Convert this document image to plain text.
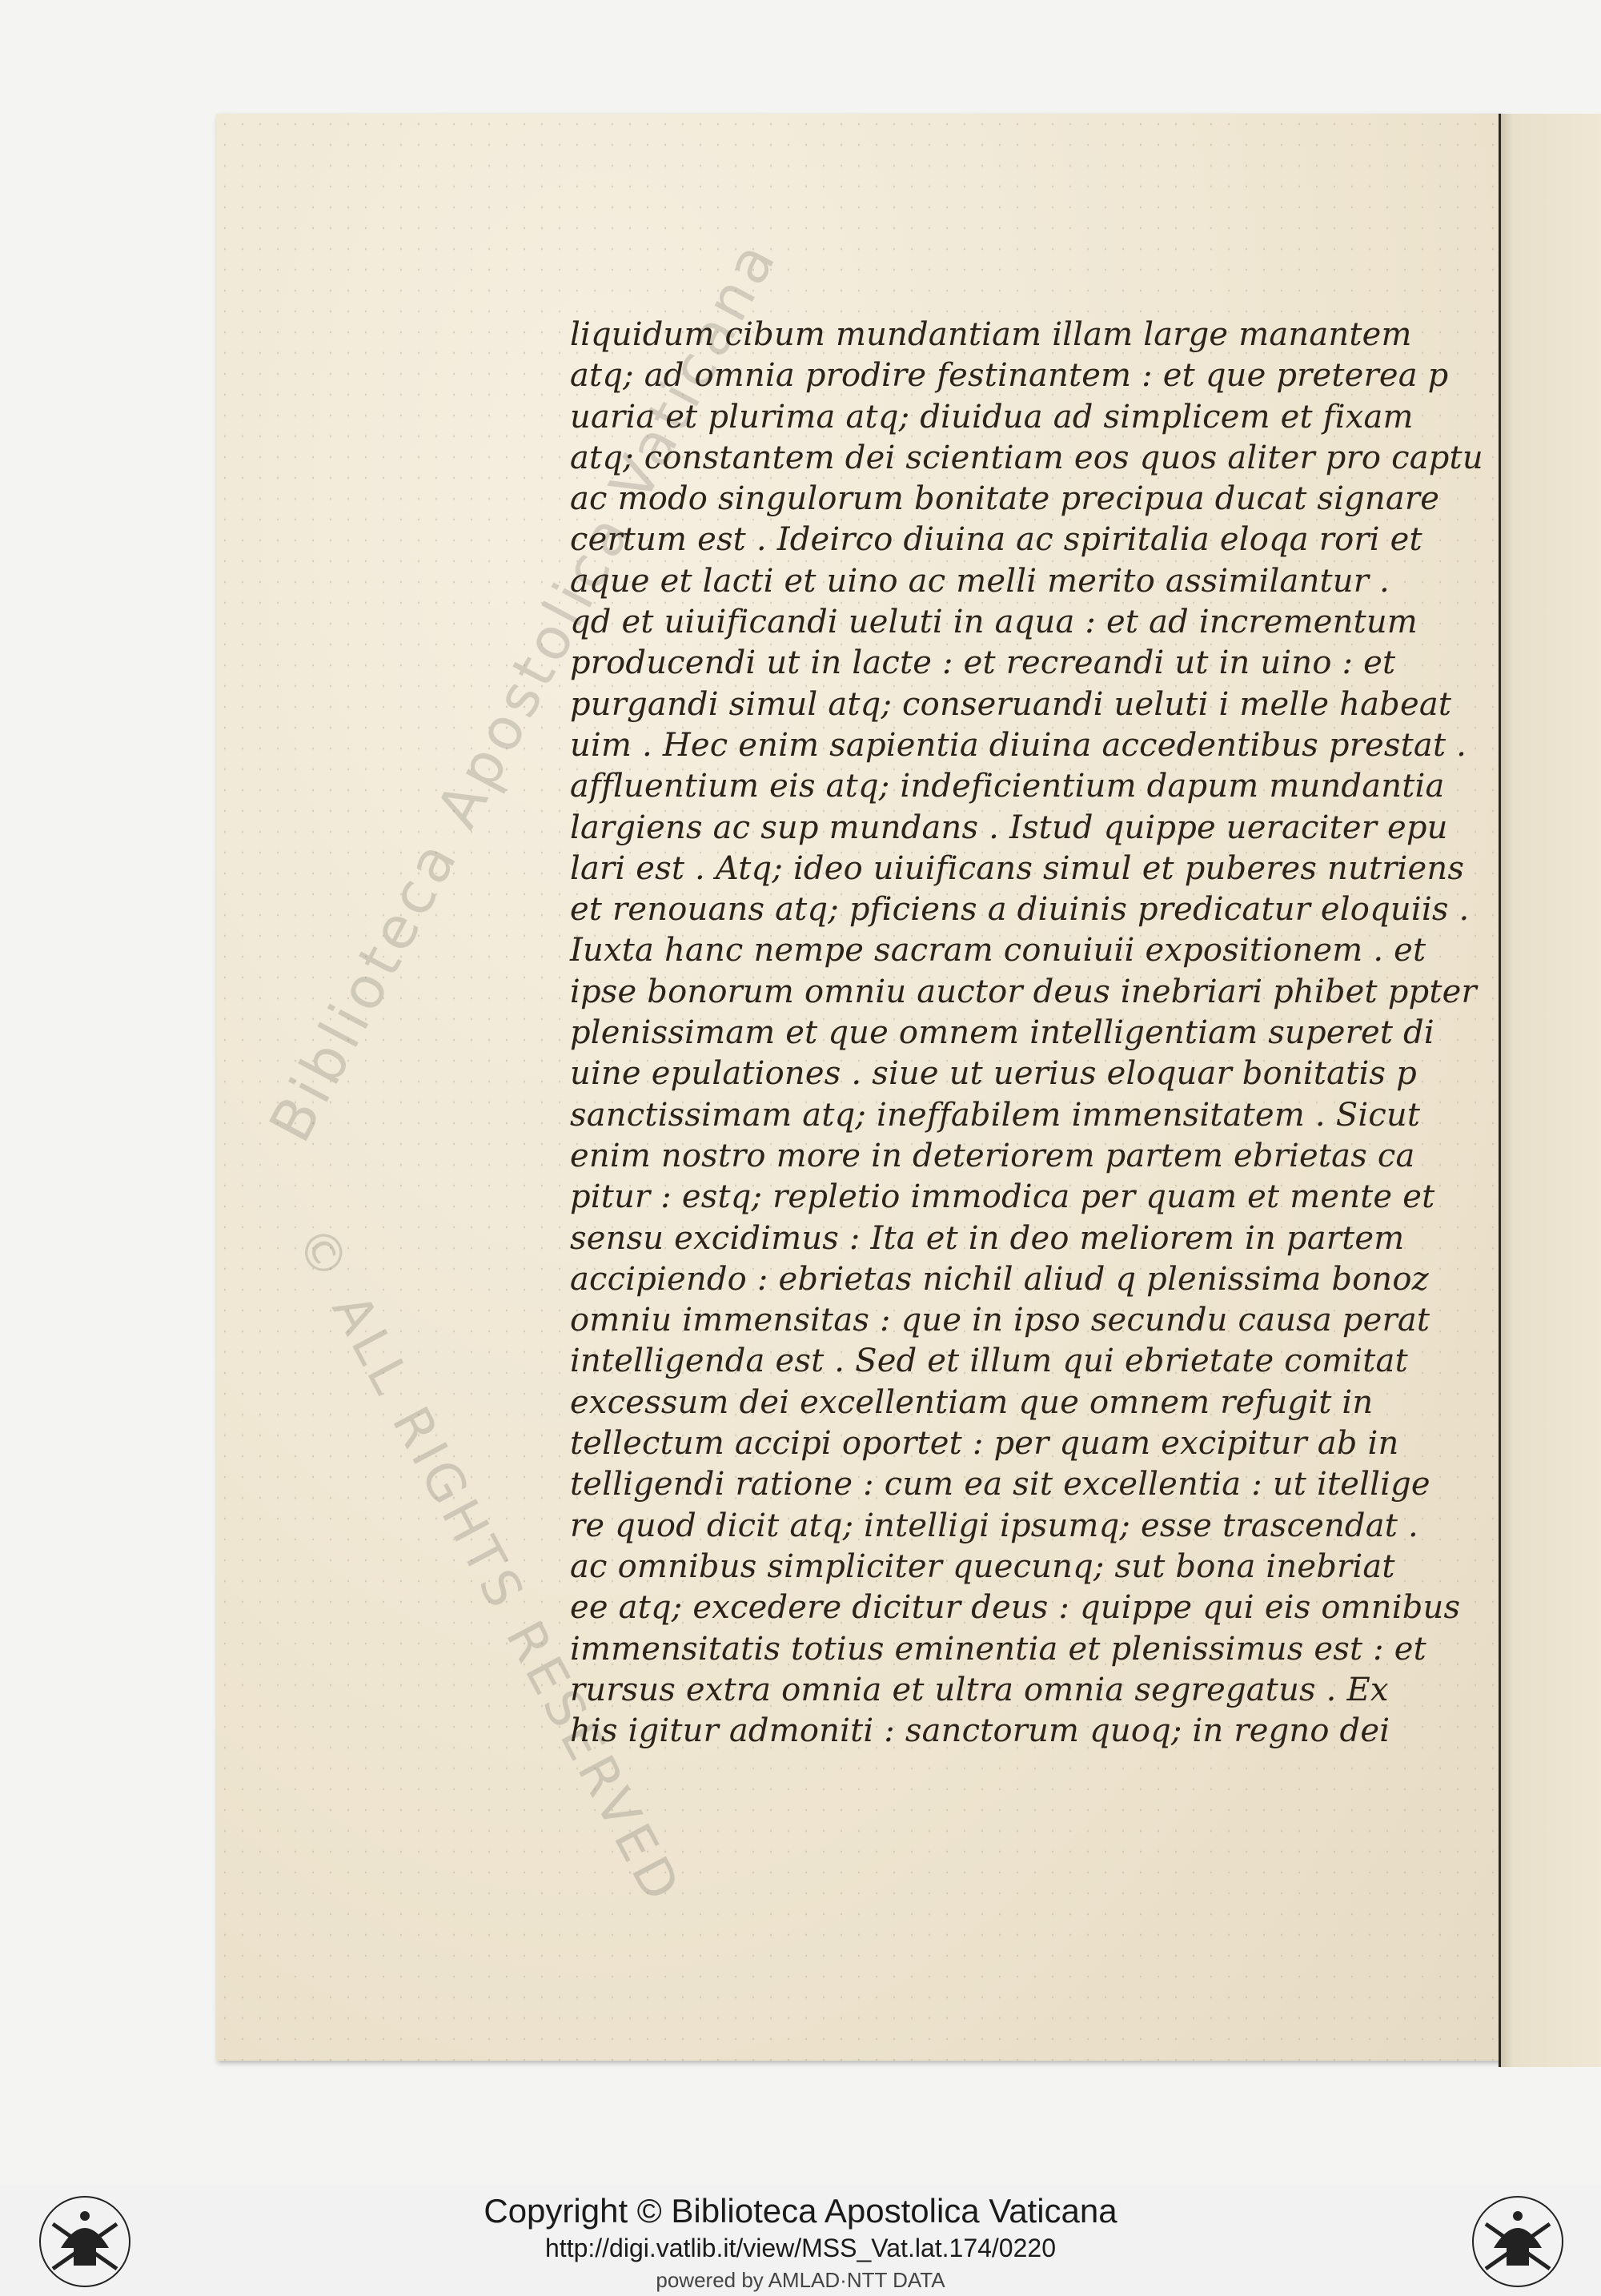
Biblioteca Apostolica Vaticana
© ALL RIGHTS RESERVED
liquidum cibum mundantiam illam large manantem
atq; ad omnia prodire festinantem : et que preterea p
uaria et plurima atq; diuidua ad simplicem et fixam
atq; constantem dei scientiam eos quos aliter pro captu
ac modo singulorum bonitate precipua ducat signare
certum est . Ideirco diuina ac spiritalia eloqa rori et
aque et lacti et uino ac melli merito assimilantur .
qd et uiuificandi ueluti in aqua : et ad incrementum
producendi ut in lacte : et recreandi ut in uino : et
purgandi simul atq; conseruandi ueluti i melle habeat
uim . Hec enim sapientia diuina accedentibus prestat .
affluentium eis atq; indeficientium dapum mundantia
largiens ac sup mundans . Istud quippe ueraciter epu
lari est . Atq; ideo uiuificans simul et puberes nutriens
et renouans atq; pficiens a diuinis predicatur eloquiis .
Iuxta hanc nempe sacram conuiuii expositionem . et
ipse bonorum omniu auctor deus inebriari phibet ppter
plenissimam et que omnem intelligentiam superet di
uine epulationes . siue ut uerius eloquar bonitatis p
sanctissimam atq; ineffabilem immensitatem . Sicut
enim nostro more in deteriorem partem ebrietas ca
pitur : estq; repletio immodica per quam et mente et
sensu excidimus : Ita et in deo meliorem in partem
accipiendo : ebrietas nichil aliud q plenissima bonoz
omniu immensitas : que in ipso secundu causa perat
intelligenda est . Sed et illum qui ebrietate comitat
excessum dei excellentiam que omnem refugit in
tellectum accipi oportet : per quam excipitur ab in
telligendi ratione : cum ea sit excellentia : ut itellige
re quod dicit atq; intelligi ipsumq; esse trascendat .
ac omnibus simpliciter quecunq; sut bona inebriat
ee atq; excedere dicitur deus : quippe qui eis omnibus
immensitatis totius eminentia et plenissimus est : et
rursus extra omnia et ultra omnia segregatus . Ex
his igitur admoniti : sanctorum quoq; in regno dei
Copyright © Biblioteca Apostolica Vaticana
http://digi.vatlib.it/view/MSS_Vat.lat.174/0220
powered by AMLAD·NTT DATA
